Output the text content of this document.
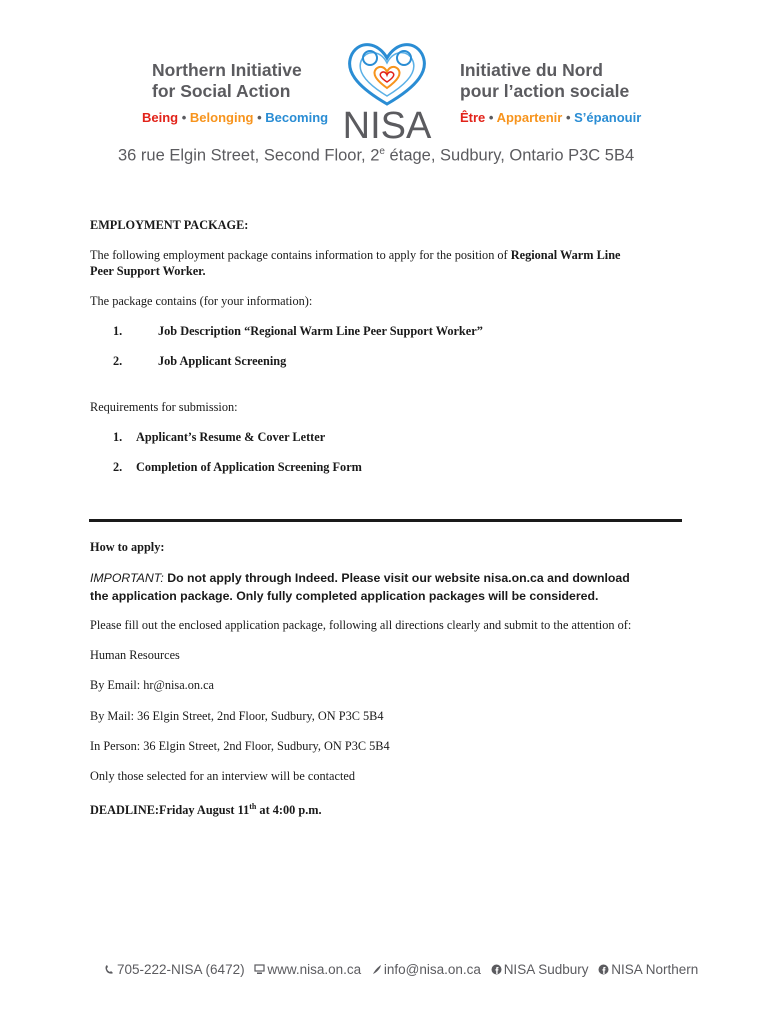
Northern Initiative
for Social Action
Being • Belonging • Becoming NISA
Initiative du Nord
pour l’action sociale
Être • Appartenir • S’épanouir
36 rue Elgin Street, Second Floor, 2e étage, Sudbury, Ontario P3C 5B4
EMPLOYMENT PACKAGE:
The following employment package contains information to apply for the position of Regional Warm Line
Peer Support Worker.
The package contains (for your information):
1.	Job Description “Regional Warm Line Peer Support Worker”
2.	Job Applicant Screening
Requirements for submission:
1. Applicant’s Resume & Cover Letter
2. Completion of Application Screening Form
How to apply:
IMPORTANT: Do not apply through Indeed. Please visit our website nisa.on.ca and download the application package. Only fully completed application packages will be considered.
Please fill out the enclosed application package, following all directions clearly and submit to the attention of:
Human Resources
By Email: hr@nisa.on.ca
By Mail: 36 Elgin Street, 2nd Floor, Sudbury, ON P3C 5B4
In Person: 36 Elgin Street, 2nd Floor, Sudbury, ON P3C 5B4
Only those selected for an interview will be contacted
DEADLINE:Friday August 11th at 4:00 p.m.
705-222-NISA (6472) www.nisa.on.ca info@nisa.on.ca NISA Sudbury NISA Northern
